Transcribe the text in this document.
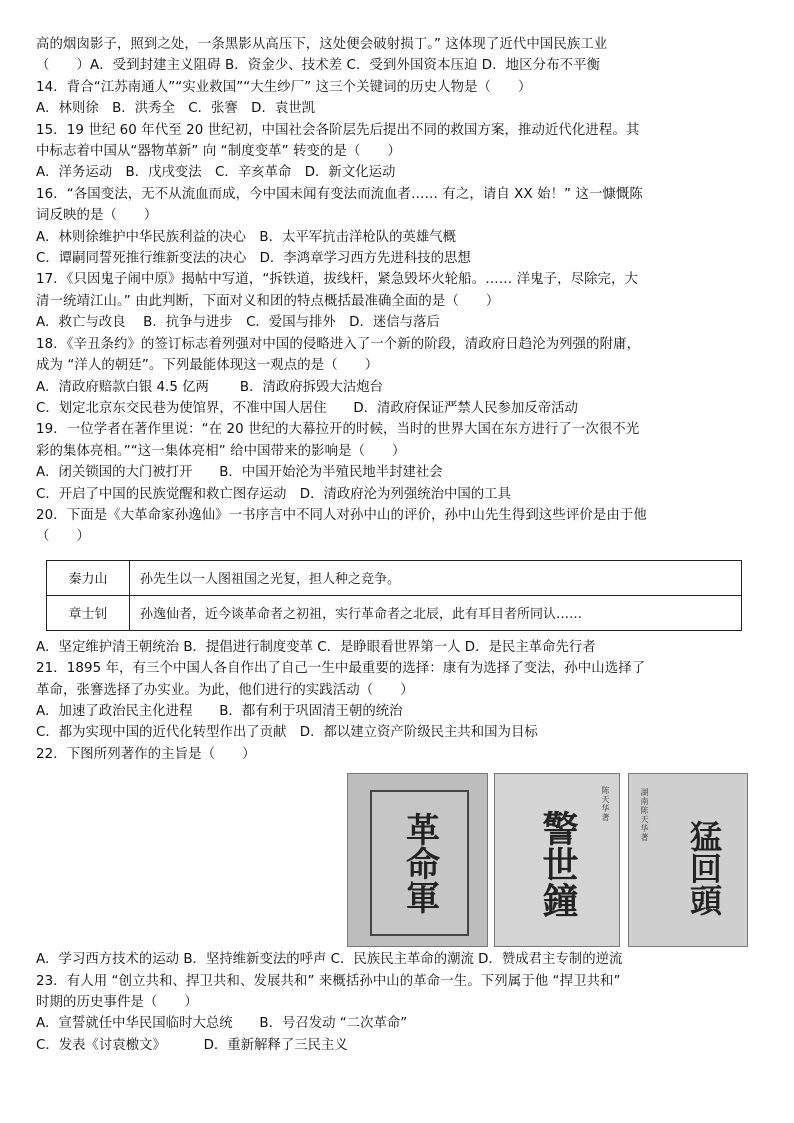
高的烟囱影子，照到之处，一条黑影从高压下，这处便会破射损丁。” 这体现了近代中国民族工业
（　　）A．受到封建主义阻碍 B．资金少、技术差 C．受到外国资本压迫 D．地区分布不平衡
14．背合“江苏南通人”“实业救国”“大生纱厂” 这三个关键词的历史人物是（　　）
A．林则徐　B．洪秀全　C．张謇　D．袁世凯
15．19 世纪 60 年代至 20 世纪初，中国社会各阶层先后提出不同的救国方案，推动近代化进程。其
中标志着中国从“器物革新” 向 “制度变革” 转变的是（　　）
A．洋务运动　B．戊戌变法　C．辛亥革命　D．新文化运动
16．“各国变法，无不从流血而成，今中国未闻有变法而流血者…… 有之，请自 XX 始！” 这一慷慨陈
词反映的是（　　）
A．林则徐维护中华民族利益的决心　B．太平军抗击洋枪队的英雄气概
C．谭嗣同誓死推行维新变法的决心　D．李鸿章学习西方先进科技的思想
17．《只因鬼子闹中原》揭帖中写道，“拆铁道，拔线杆，紧急毁坏火轮船。…… 洋鬼子，尽除完，大
清一统靖江山。” 由此判断，下面对义和团的特点概括最准确全面的是（　　）
A．救亡与改良　 B．抗争与进步　C．爱国与排外　D．迷信与落后
18．《辛丑条约》的签订标志着列强对中国的侵略进入了一个新的阶段，清政府日趋沦为列强的附庸，
成为 “洋人的朝廷”。下列最能体现这一观点的是（　　）
A．清政府赔款白银 4.5 亿两　　 B．清政府拆毁大沽炮台
C．划定北京东交民巷为使馆界，不准中国人居住　　D．清政府保证严禁人民参加反帝活动
19．一位学者在著作里说：“在 20 世纪的大幕拉开的时候，当时的世界大国在东方进行了一次很不光
彩的集体亮相。”“这一集体亮相” 给中国带来的影响是（　　）
A．闭关锁国的大门被打开　　B．中国开始沦为半殖民地半封建社会
C．开启了中国的民族觉醒和救亡图存运动　D．清政府沦为列强统治中国的工具
20．下面是《大革命家孙逸仙》一书序言中不同人对孙中山的评价，孙中山先生得到这些评价是由于他
（　　）
秦力山	孙先生以一人图祖国之光复，担人种之竞争。
章士钊	孙逸仙者，近今谈革命者之初祖，实行革命者之北辰，此有耳目者所同认……
A．坚定维护清王朝统治 B．提倡进行制度变革 C．是睁眼看世界第一人 D．是民主革命先行者
21．1895 年，有三个中国人各自作出了自己一生中最重要的选择：康有为选择了变法，孙中山选择了
革命，张謇选择了办实业。为此，他们进行的实践活动（　　）
A．加速了政治民主化进程　　B．都有利于巩固清王朝的统治
C．都为实现中国的近代化转型作出了贡献　D．都以建立资产阶级民主共和国为目标
22．下图所列著作的主旨是（　　）
革命軍	警世鐘
陈天华著
猛回頭
湖南陈天华著
A．学习西方技术的运动 B．坚持维新变法的呼声 C．民族民主革命的潮流 D．赞成君主专制的逆流
23．有人用 “创立共和、捍卫共和、发展共和” 来概括孙中山的革命一生。下列属于他 “捍卫共和”
时期的历史事件是（　　）
A．宣誓就任中华民国临时大总统　　B．号召发动 “二次革命”
C．发表《讨袁檄文》　　　 D．重新解释了三民主义
